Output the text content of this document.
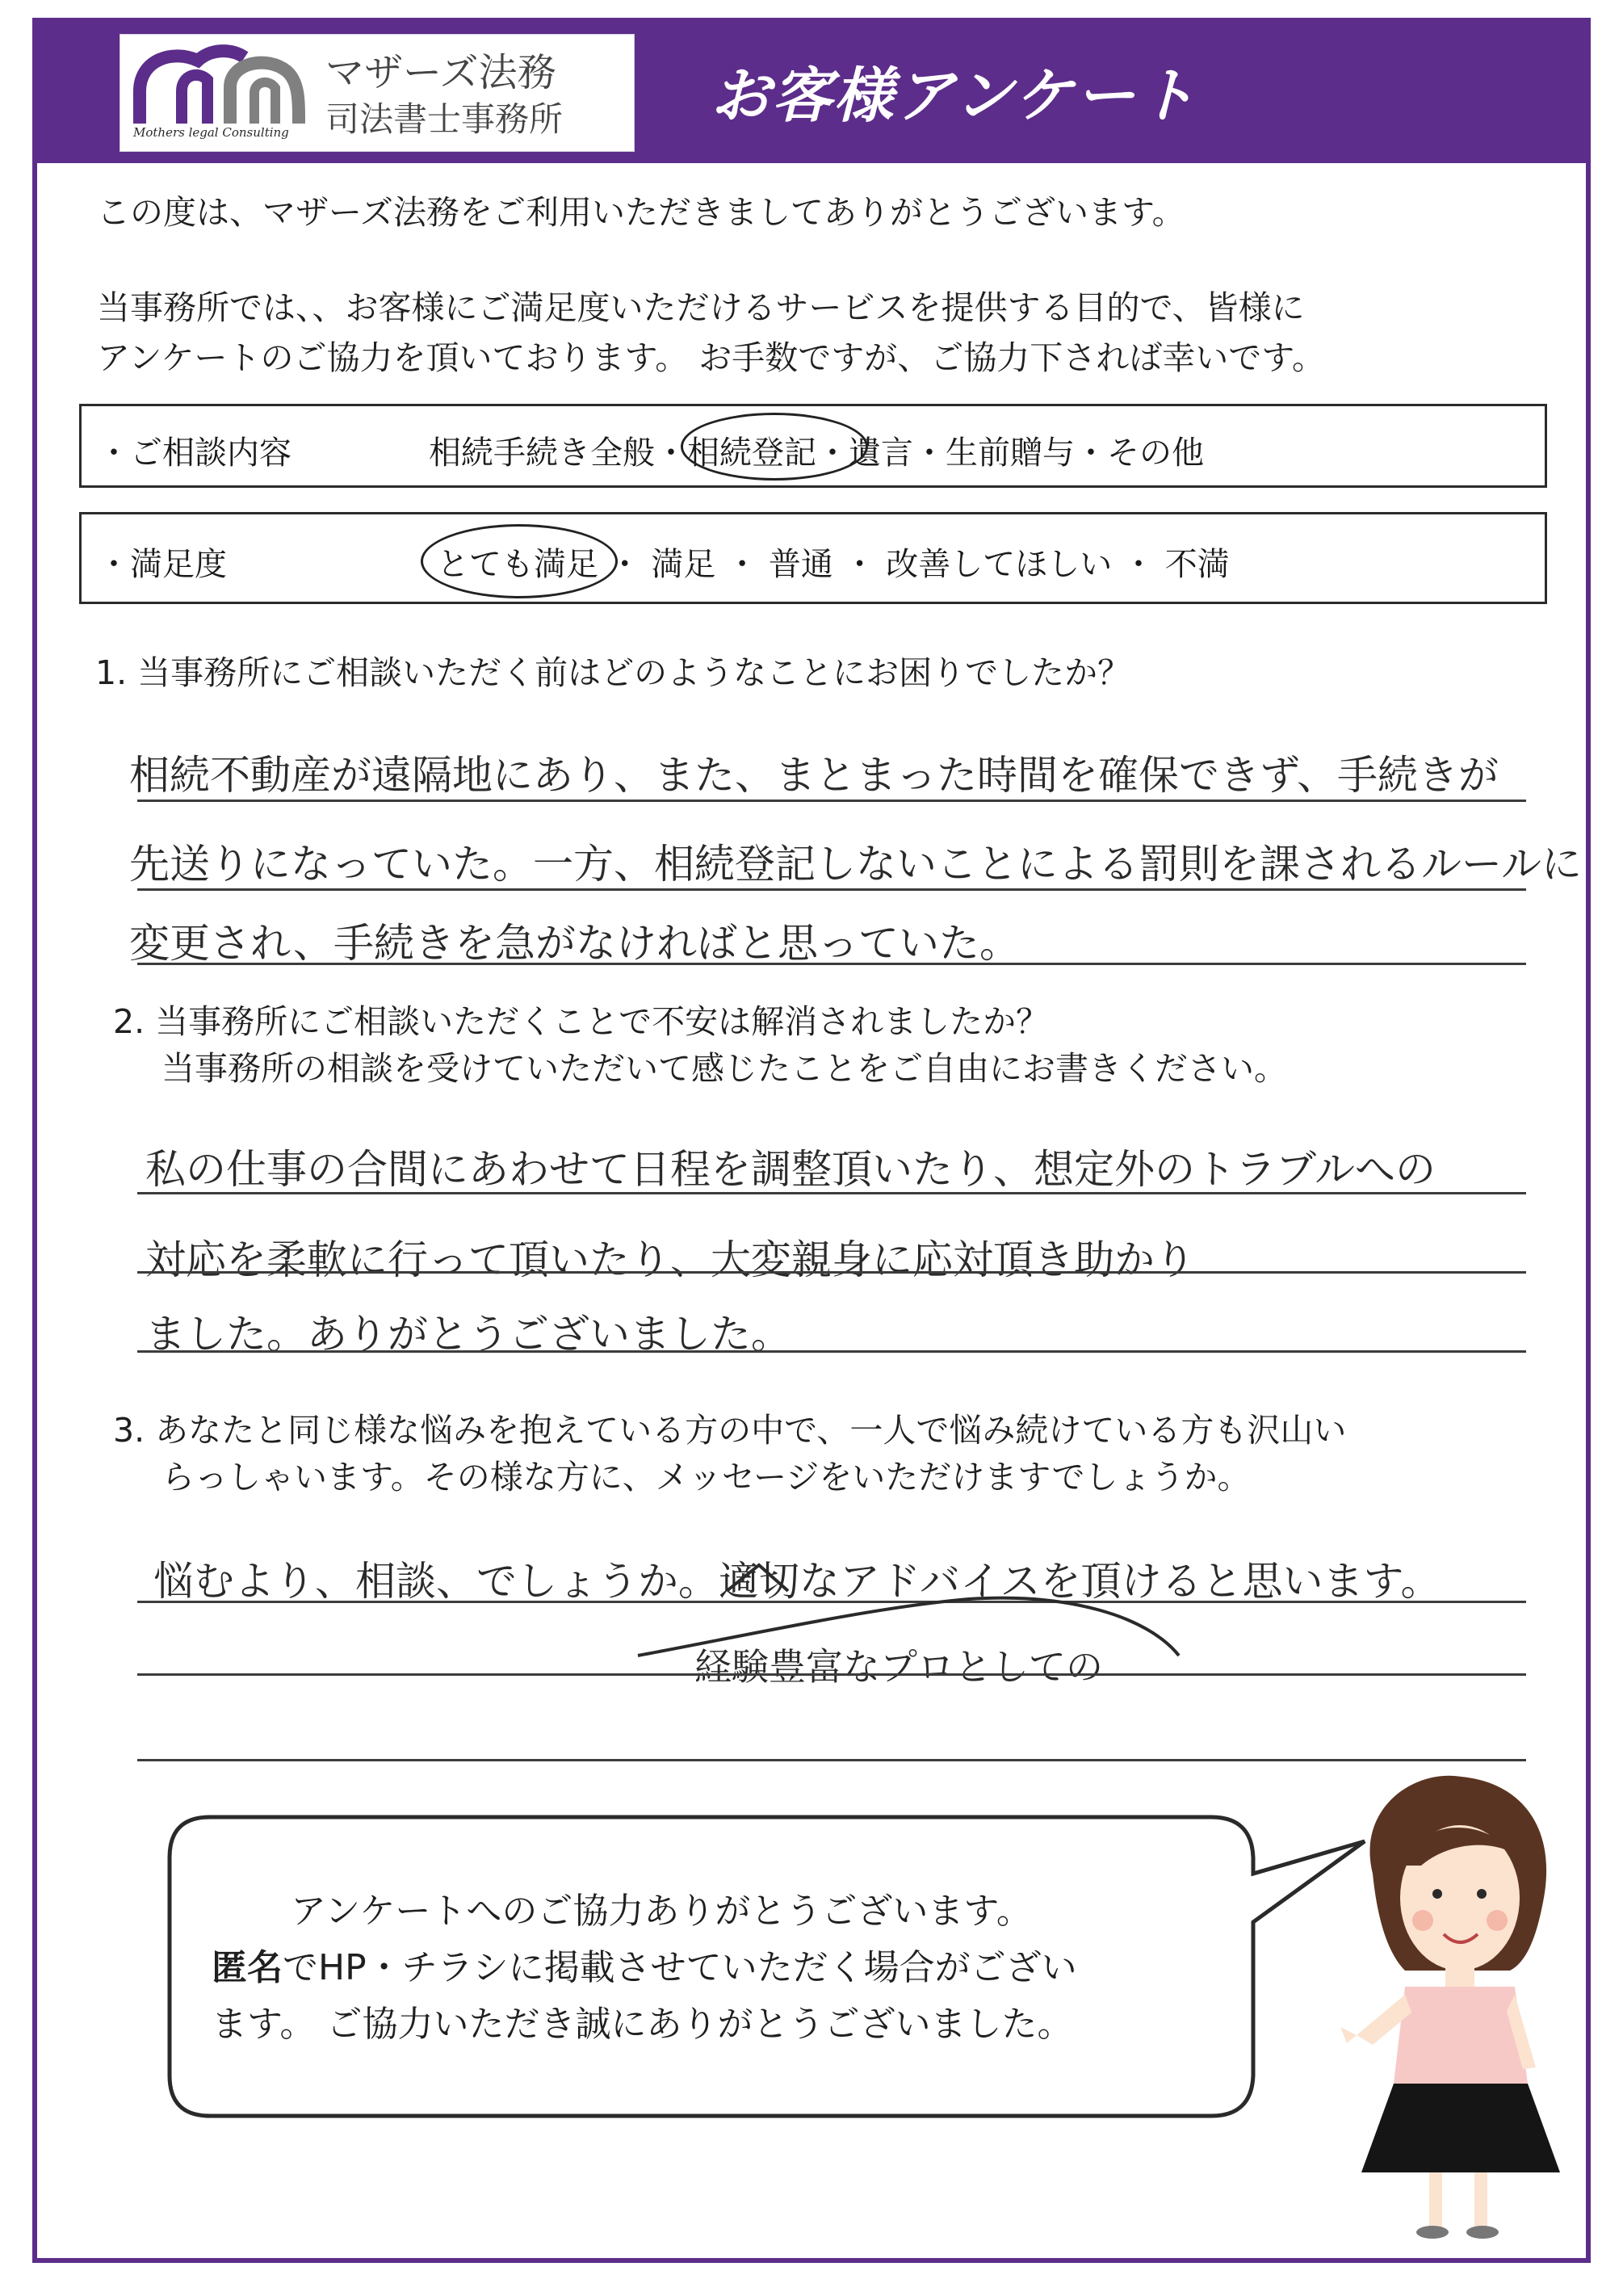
Mothers legal Consulting
マザーズ法務
司法書士事務所 お客様アンケート
この度は、マザーズ法務をご利用いただきましてありがとうございます。
当事務所では、、お客様にご満足度いただけるサービスを提供する目的で、皆様に
アンケートのご協力を頂いております。 お手数ですが、ご協力下されば幸いです。
・ご相談内容	相続手続き全般・相続登記・遺言・生前贈与・その他
・満足度	とても満足 ・ 満足 ・ 普通 ・ 改善してほしい ・ 不満
1. 当事務所にご相談いただく前はどのようなことにお困りでしたか？
相続不動産が遠隔地にあり、また、まとまった時間を確保できず、手続きが
先送りになっていた。一方、相続登記しないことによる罰則を課されるルールに
変更され、手続きを急がなければと思っていた。
2. 当事務所にご相談いただくことで不安は解消されましたか？
当事務所の相談を受けていただいて感じたことをご自由にお書きください。
私の仕事の合間にあわせて日程を調整頂いたり、想定外のトラブルへの
対応を柔軟に行って頂いたり、大変親身に応対頂き助かり
ました。ありがとうございました。
3. あなたと同じ様な悩みを抱えている方の中で、一人で悩み続けている方も沢山い
らっしゃいます。その様な方に、メッセージをいただけますでしょうか。
悩むより、相談、でしょうか。適切なアドバイスを頂けると思います。
経験豊富なプロとしての
アンケートへのご協力ありがとうございます。
匿名でHP・チラシに掲載させていただく場合がござい
ます。 ご協力いただき誠にありがとうございました。
